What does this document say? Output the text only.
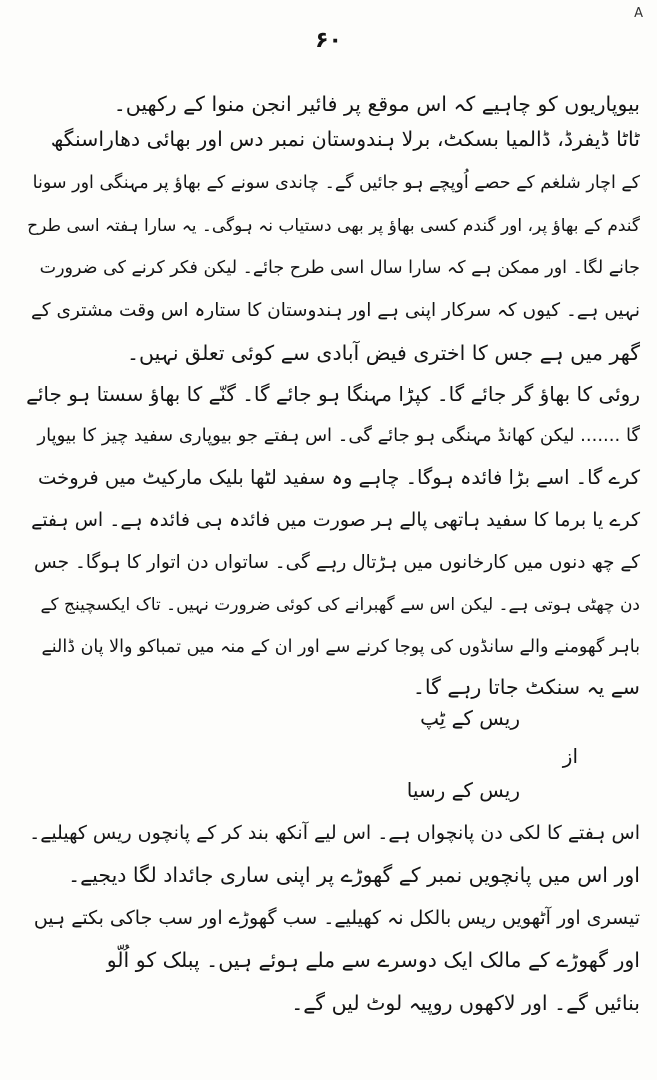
A
۶۰
بیوپاریوں کو چاہیے کہ اس موقع پر فائیر انجن منوا کے رکھیں۔
ٹاٹا ڈیفرڈ، ڈالمیا بسکٹ، برلا ہندوستان نمبر دس اور بھائی دھاراسنگھ
کے اچار شلغم کے حصے اُوپچے ہو جائیں گے۔ چاندی سونے کے بھاؤ پر مہنگی اور سونا
گندم کے بھاؤ پر، اور گندم کسی بھاؤ پر بھی دستیاب نہ ہوگی۔ یہ سارا ہفتہ اسی طرح
جانے لگا۔ اور ممکن ہے کہ سارا سال اسی طرح جائے۔ لیکن فکر کرنے کی ضرورت
نہیں ہے۔ کیوں کہ سرکار اپنی ہے اور ہندوستان کا ستارہ اس وقت مشتری کے
گھر میں ہے جس کا اختری فیض آبادی سے کوئی تعلق نہیں۔
روئی کا بھاؤ گر جائے گا۔ کپڑا مہنگا ہو جائے گا۔ گنّے کا بھاؤ سستا ہو جائے
گا ....... لیکن کھانڈ مہنگی ہو جائے گی۔ اس ہفتے جو بیوپاری سفید چیز کا بیوپار
کرے گا۔ اسے بڑا فائدہ ہوگا۔ چاہے وہ سفید لٹھا بلیک مارکیٹ میں فروخت
کرے یا برما کا سفید ہاتھی پالے ہر صورت میں فائدہ ہی فائدہ ہے۔ اس ہفتے
کے چھ دنوں میں کارخانوں میں ہڑتال رہے گی۔ ساتواں دن اتوار کا ہوگا۔ جس
دن چھٹی ہوتی ہے۔ لیکن اس سے گھبرانے کی کوئی ضرورت نہیں۔ تاک ایکسچینج کے
باہر گھومنے والے سانڈوں کی پوجا کرنے سے اور ان کے منہ میں تمباکو والا پان ڈالنے
سے یہ سنکٹ جاتا رہے گا۔
ریس کے ٹِپ
از
ریس کے رسیا
اس ہفتے کا لکی دن پانچواں ہے۔ اس لیے آنکھ بند کر کے پانچوں ریس کھیلیے۔
اور اس میں پانچویں نمبر کے گھوڑے پر اپنی ساری جائداد لگا دیجیے۔
تیسری اور آٹھویں ریس بالکل نہ کھیلیے۔ سب گھوڑے اور سب جاکی بکتے ہیں
اور گھوڑے کے مالک ایک دوسرے سے ملے ہوئے ہیں۔ پبلک کو اُلّو
بنائیں گے۔ اور لاکھوں روپیہ لوٹ لیں گے۔
